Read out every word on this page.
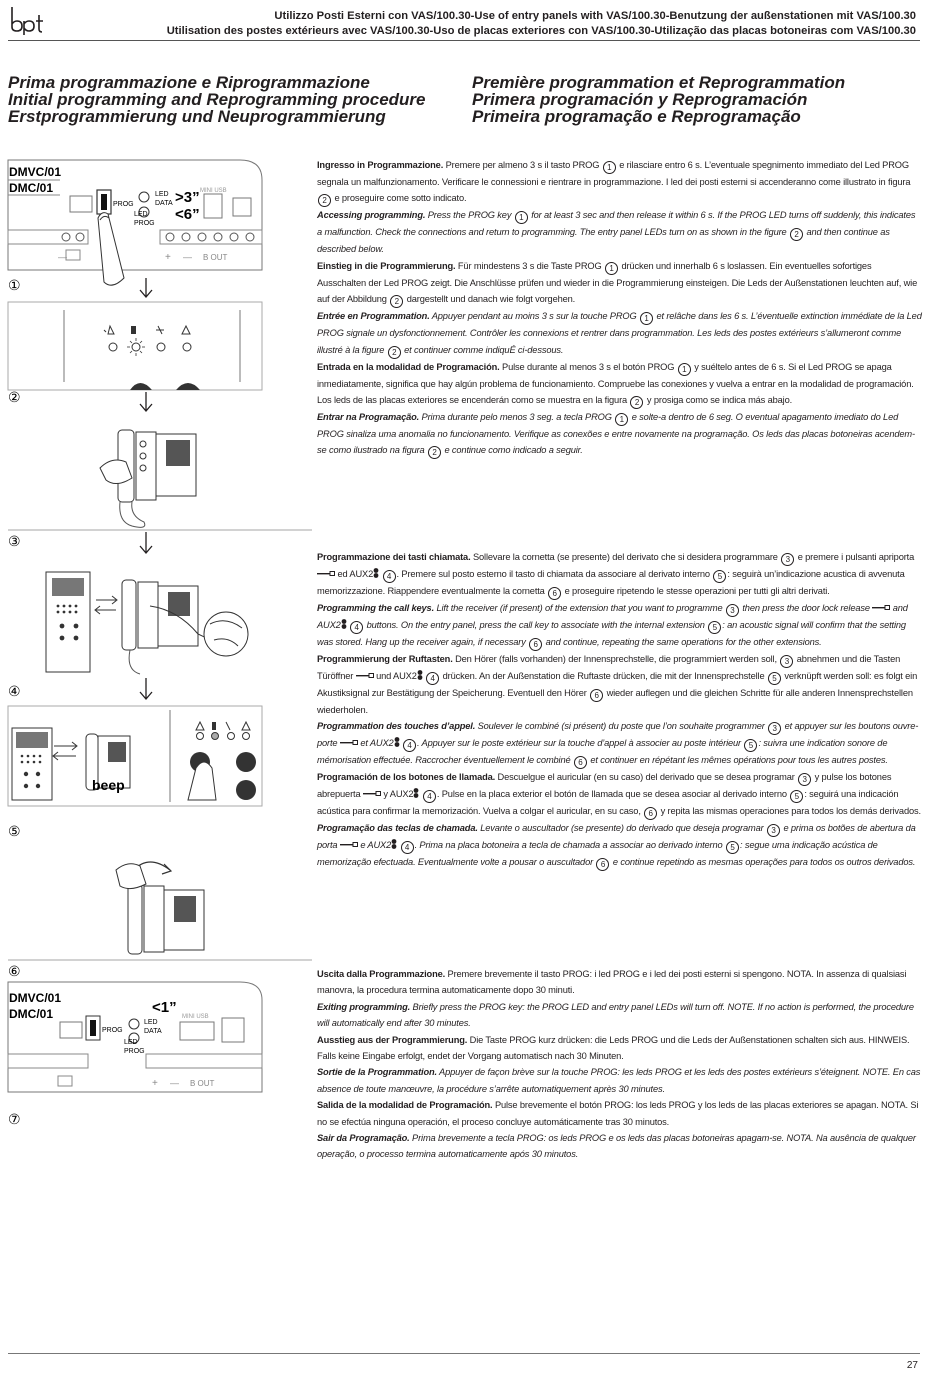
Utilizzo Posti Esterni con VAS/100.30-Use of entry panels with VAS/100.30-Benutzung der außenstationen mit VAS/100.30
Utilisation des postes extérieurs avec VAS/100.30-Uso de placas exteriores con VAS/100.30-Utilização das placas botoneiras com VAS/100.30
Prima programmazione e Riprogrammazione
Initial programming and Reprogramming procedure
Erstprogrammierung und Neuprogrammierung
Première programmation et Reprogrammation
Primera programación y Reprogramación
Primeira programação e Reprogramação
DMVC/01
DMC/01
PROG
LED
DATA
LED
PROG
>3”
<6”
MINI USB
—	+ — B OUT
①
②
③
④
beep
⑤
⑥
DMVC/01
DMC/01	<1”
PROG
LED
DATA
LED
PROG
MINI USB
+ — B OUT
⑦

Ingresso in Programmazione. Premere per almeno 3 s il tasto PROG 1 e rilasciare entro 6 s. L’eventuale spegnimento immediato del Led PROG segnala un malfunzionamento. Verificare le connessioni e rientrare in programmazione. I led dei posti esterni si accenderanno come illustrato in figura 2 e proseguire come sotto indicato.

Accessing programming. Press the PROG key 1 for at least 3 sec and then release it within 6 s. If the PROG LED turns off suddenly, this indicates a malfunction. Check the connections and return to programming. The entry panel LEDs turn on as shown in the figure 2 and then continue as described below.

Einstieg in die Programmierung. Für mindestens 3 s die Taste PROG 1 drücken und innerhalb 6 s loslassen. Ein eventuelles sofortiges Ausschalten der Led PROG zeigt. Die Anschlüsse prüfen und wieder in die Programmierung einsteigen. Die Leds der Außenstationen leuchten auf, wie auf der Abbildung 2 dargestellt und danach wie folgt vorgehen.

Entrée en Programmation. Appuyer pendant au moins 3 s sur la touche PROG 1 et relâche dans les 6 s. L’éventuelle extinction immédiate de la Led PROG signale un dysfonctionnement. Contrôler les connexions et rentrer dans programmation. Les leds des postes extérieurs s’allumeront comme illustré à la figure 2 et continuer comme indiquÉ ci-dessous.

Entrada en la modalidad de Programación. Pulse durante al menos 3 s el botón PROG 1 y suéltelo antes de 6 s. Si el Led PROG se apaga inmediatamente, significa que hay algún problema de funcionamiento. Compruebe las conexiones y vuelva a entrar en la modalidad de programación. Los leds de las placas exteriores se encenderán como se muestra en la figura 2 y prosiga como se indica más abajo.

Entrar na Programação. Prima durante pelo menos 3 seg. a tecla PROG 1 e solte-a dentro de 6 seg. O eventual apagamento imediato do Led PROG sinaliza uma anomalia no funcionamento. Verifique as conexões e entre novamente na programação. Os leds das placas botoneiras acendem-se como ilustrado na figura 2 e continue como indicado a seguir.

Programmazione dei tasti chiamata. Sollevare la cornetta (se presente) del derivato che si desidera programmare 3 e premere i pulsanti apriporta  ed AUX2 4 . Premere sul posto esterno il tasto di chiamata da associare al derivato interno 5 : seguirà un’indicazione acustica di avvenuta memorizzazione. Riappendere eventualmente la cornetta 6 e proseguire ripetendo le stesse operazioni per tutti gli altri derivati.

Programming the call keys. Lift the receiver (if present) of the extension that you want to programme 3 then press the door lock release and AUX2 4 buttons. On the entry panel, press the call key to associate with the internal extension 5 : an acoustic signal will confirm that the setting was stored. Hang up the receiver again, if necessary 6 and continue, repeating the same operations for the other extensions.

Programmierung der Ruftasten. Den Hörer (falls vorhanden) der Innensprechstelle, die programmiert werden soll, 3 abnehmen und die Tasten Türöffner und AUX2 4 drücken. An der Außenstation die Ruftaste drücken, die mit der Innensprechstelle 5 verknüpft werden soll: es folgt ein Akustiksignal zur Bestätigung der Speicherung. Eventuell den Hörer 6 wieder auflegen und die gleichen Schritte für alle anderen Innensprechstellen wiederholen.

Programmation des touches d’appel. Soulever le combiné (si présent) du poste que l’on souhaite programmer 3 et appuyer sur les boutons ouvre-porte et AUX2 4 . Appuyer sur le poste extérieur sur la touche d’appel à associer au poste intérieur 5 : suivra une indication sonore de mémorisation effectuée. Raccrocher éventuellement le combiné 6 et continuer en répétant les mêmes opérations pour tous les autres postes.

Programación de los botones de llamada. Descuelgue el auricular (en su caso) del derivado que se desea programar 3 y pulse los botones abrepuerta y AUX2 4 . Pulse en la placa exterior el botón de llamada que se desea asociar al derivado interno 5 : seguirá una indicación acústica para confirmar la memorización. Vuelva a colgar el auricular, en su caso, 6 y repita las mismas operaciones para todos los demás derivados.

Programação das teclas de chamada. Levante o auscultador (se presente) do derivado que deseja programar 3 e prima os botões de abertura da porta e AUX2 4 . Prima na placa botoneira a tecla de chamada a associar ao derivado interno 5 : segue uma indicação acústica de memorização efectuada. Eventualmente volte a pousar o auscultador 6 e continue repetindo as mesmas operações para todos os outros derivados.

Uscita dalla Programmazione. Premere brevemente il tasto PROG: i led PROG e i led dei posti esterni si spengono. NOTA. In assenza di qualsiasi manovra, la procedura termina automaticamente dopo 30 minuti.

Exiting programming. Briefly press the PROG key: the PROG LED and entry panel LEDs will turn off. NOTE. If no action is performed, the procedure will automatically end after 30 minutes.

Ausstieg aus der Programmierung. Die Taste PROG kurz drücken: die Leds PROG und die Leds der Außenstationen schalten sich aus. HINWEIS. Falls keine Eingabe erfolgt, endet der Vorgang automatisch nach 30 Minuten.

Sortie de la Programmation. Appuyer de façon brève sur la touche PROG: les leds PROG et les leds des postes extérieurs s’éteignent. NOTE. En cas absence de toute manœuvre, la procédure s’arrête automatiquement après 30 minutes.

Salida de la modalidad de Programación. Pulse brevemente el botón PROG: los leds PROG y los leds de las placas exteriores se apagan. NOTA. Si no se efectúa ninguna operación, el proceso concluye automáticamente tras 30 minutos.

Sair da Programação. Prima brevemente a tecla PROG: os leds PROG e os leds das placas botoneiras apagam-se. NOTA. Na ausência de qualquer operação, o processo termina automaticamente após 30 minutos.

27
